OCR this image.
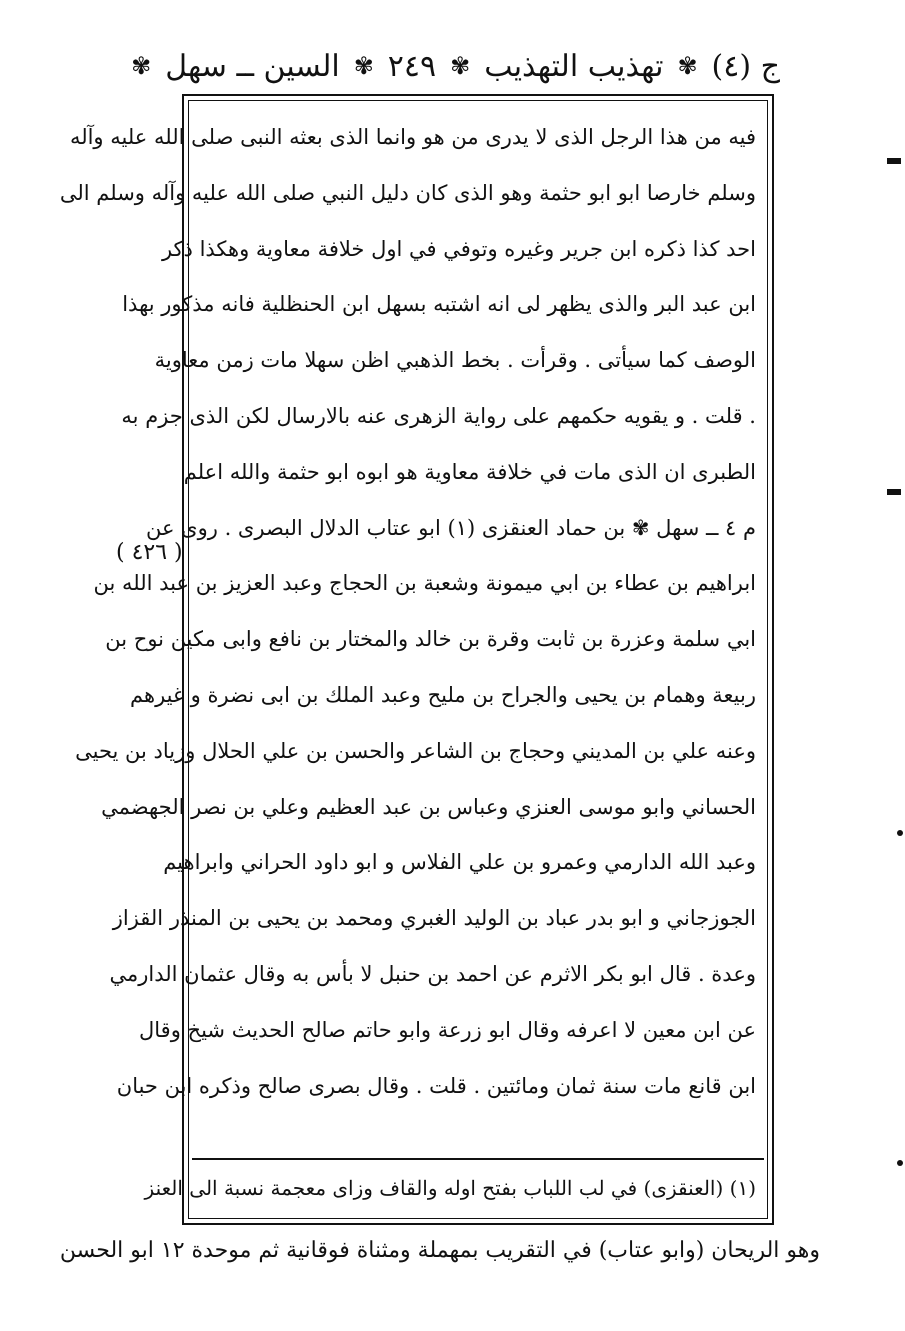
ج (٤)
✾
تهذيب التهذيب
✾
٢٤٩
✾
السين ــ سهل
✾
( ٤٢٦ )
فيه من هذا الرجل الذى لا يدرى من هو وانما الذى بعثه النبى صلى الله عليه وآله
وسلم خارصا ابو ابو حثمة وهو الذى كان دليل النبي صلى الله عليه وآله وسلم الى
احد كذا ذكره ابن جرير وغيره وتوفي في اول خلافة معاوية وهكذا ذكر
ابن عبد البر والذى يظهر لى انه اشتبه بسهل ابن الحنظلية فانه مذكور بهذا
الوصف كما سيأتى . وقرأت . بخط الذهبي اظن سهلا مات زمن معاوية
. قلت . و يقويه حكمهم على رواية الزهرى عنه بالارسال لكن الذى جزم به
الطبرى ان الذى مات في خلافة معاوية هو ابوه ابو حثمة والله اعلم
م ٤ ــ سهل ✾ بن حماد العنقزى (١) ابو عتاب الدلال البصرى . روى عن
ابراهيم بن عطاء بن ابي ميمونة وشعبة بن الحجاج وعبد العزيز بن عبد الله بن
ابي سلمة وعزرة بن ثابت وقرة بن خالد والمختار بن نافع وابى مكين نوح بن
ربيعة وهمام بن يحيى والجراح بن مليح وعبد الملك بن ابى نضرة و غيرهم
وعنه علي بن المديني وحجاج بن الشاعر والحسن بن علي الحلال وزياد بن يحيى
الحساني وابو موسى العنزي وعباس بن عبد العظيم وعلي بن نصر الجهضمي
وعبد الله الدارمي وعمرو بن علي الفلاس و ابو داود الحراني وابراهيم
الجوزجاني و ابو بدر عباد بن الوليد الغبري ومحمد بن يحيى بن المنذر القزاز
وعدة . قال ابو بكر الاثرم عن احمد بن حنبل لا بأس به وقال عثمان الدارمي
عن ابن معين لا اعرفه وقال ابو زرعة وابو حاتم صالح الحديث شيخ وقال
ابن قانع مات سنة ثمان ومائتين . قلت . وقال بصرى صالح وذكره ابن حبان
(١) (العنقزى) في لب اللباب بفتح اوله والقاف وزاى معجمة نسبة الى العنز
وهو الريحان (وابو عتاب) في التقريب بمهملة ومثناة فوقانية ثم موحدة ١٢ ابو الحسن
